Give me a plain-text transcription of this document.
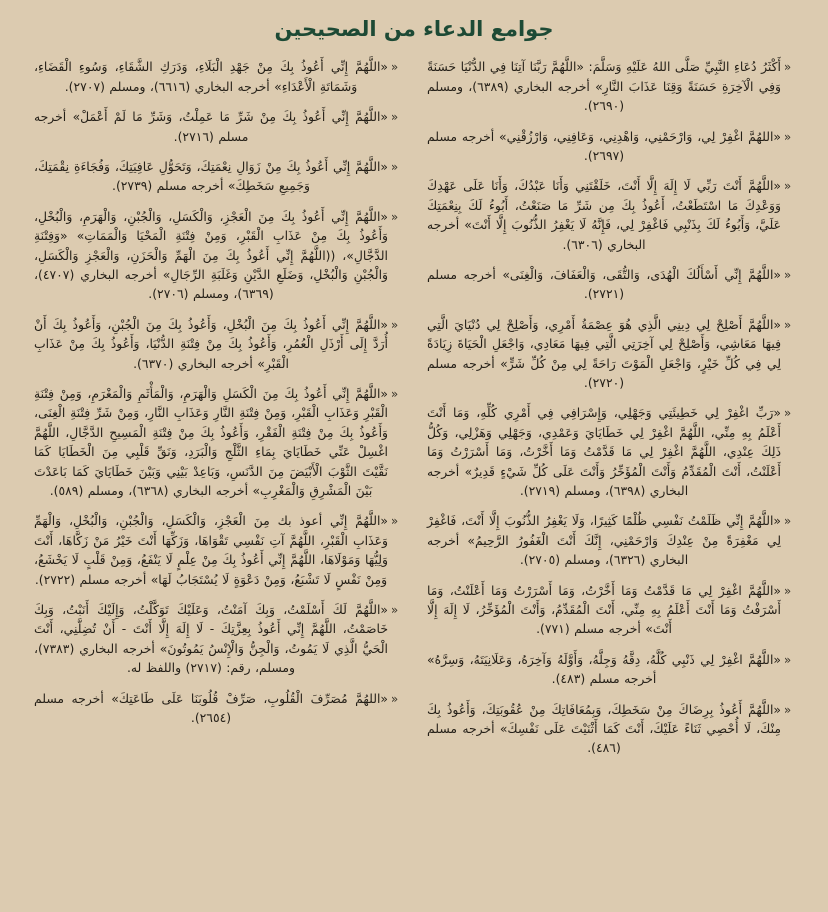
جوامع الدعاء من الصحيحين
«
أَكْثَرُ دُعَاءِ النَّبِيِّ صَلَّى اللهُ عَلَيْهِ وَسَلَّمَ: «اللَّهُمَّ رَبَّنَا آتِنَا فِي الدُّنْيَا حَسَنَةً وَفِي الْآخِرَةِ حَسَنَةً وَقِنَا عَذَابَ النَّارِ» أخرجه البخاري (٦٣٨٩)، ومسلم (٢٦٩٠).
«
«اللهُمَّ اغْفِرْ لِي، وَارْحَمْنِي، وَاهْدِنِي، وَعَافِنِي، وَارْزُقْنِي» أخرجه مسلم (٢٦٩٧).
«
«اللَّهُمَّ أَنْتَ رَبِّي لَا إِلَهَ إِلَّا أَنْتَ، خَلَقْتَنِي وَأَنَا عَبْدُكَ، وَأَنَا عَلَى عَهْدِكَ وَوَعْدِكَ مَا اسْتَطَعْتُ، أَعُوذُ بِكَ مِن شَرِّ مَا صَنَعْتُ، أَبُوءُ لَكَ بِنِعْمَتِكَ عَلَيَّ، وَأَبُوءُ لَكَ بِذَنْبِي فَاغْفِرْ لِي، فَإِنَّهُ لَا يَغْفِرُ الذُّنُوبَ إِلَّا أَنْتَ» أخرجه البخاري (٦٣٠٦).
«
«اللَّهُمَّ إِنِّي أَسْأَلُكَ الْهُدَى، وَالتُّقَى، وَالْعَفَافَ، وَالْغِنَى» أخرجه مسلم (٢٧٢١).
«
«اللَّهُمَّ أَصْلِحْ لِي دِينِي الَّذِي هُوَ عِصْمَةُ أَمْرِي، وَأَصْلِحْ لِي دُنْيَايَ الَّتِي فِيهَا مَعَاشِي، وَأَصْلِحْ لِي آخِرَتِي الَّتِي فِيهَا مَعَادِي، وَاجْعَلِ الْحَيَاةَ زِيَادَةً لِي فِي كُلِّ خَيْرٍ، وَاجْعَلِ الْمَوْتَ رَاحَةً لِي مِنْ كُلِّ شَرٍّ» أخرجه مسلم (٢٧٢٠).
«
«رَبِّ اغْفِرْ لِي خَطِيئَتِي وَجَهْلِي، وَإِسْرَافِي فِي أَمْرِي كُلِّهِ، وَمَا أَنْتَ أَعْلَمُ بِهِ مِنِّي، اللَّهُمَّ اغْفِرْ لِي خَطَايَايَ وَعَمْدِي، وَجَهْلِي وَهَزْلِي، وَكُلُّ ذَلِكَ عِنْدِي، اللَّهُمَّ اغْفِرْ لِي مَا قَدَّمْتُ وَمَا أَخَّرْتُ، وَمَا أَسْرَرْتُ وَمَا أَعْلَنْتُ، أَنْتَ الْمُقَدِّمُ وَأَنْتَ الْمُؤَخِّرُ وَأَنْتَ عَلَى كُلِّ شَيْءٍ قَدِيرٌ» أخرجه البخاري (٦٣٩٨)، ومسلم (٢٧١٩).
«
«اللَّهُمَّ إِنِّي ظَلَمْتُ نَفْسِي ظُلْمًا كَثِيرًا، وَلَا يَغْفِرُ الذُّنُوبَ إِلَّا أَنْتَ، فَاغْفِرْ لِي مَغْفِرَةً مِنْ عِنْدِكَ وَارْحَمْنِي، إِنَّكَ أَنْتَ الْغَفُورُ الرَّحِيمُ» أخرجه البخاري (٦٣٢٦)، ومسلم (٢٧٠٥).
«
«اللَّهُمَّ اغْفِرْ لِي مَا قَدَّمْتُ وَمَا أَخَّرْتُ، وَمَا أَسْرَرْتُ وَمَا أَعْلَنْتُ، وَمَا أَسْرَفْتُ وَمَا أَنْتَ أَعْلَمُ بِهِ مِنِّي، أَنْتَ الْمُقَدِّمُ، وَأَنْتَ الْمُؤَخِّرُ، لَا إِلَهَ إِلَّا أَنْتَ» أخرجه مسلم (٧٧١).
«
«اللَّهُمَّ اغْفِرْ لِي ذَنْبِي كُلَّهُ، دِقَّهُ وَجِلَّهُ، وَأَوَّلَهُ وَآخِرَهُ، وَعَلَانِيَتَهُ، وَسِرَّهُ» أخرجه مسلم (٤٨٣).
«
«اللَّهُمَّ أَعُوذُ بِرِضَاكَ مِنْ سَخَطِكَ، وَبِمُعَافَاتِكَ مِنْ عُقُوبَتِكَ، وَأَعُوذُ بِكَ مِنْكَ، لَا أُحْصِي ثَنَاءً عَلَيْكَ، أَنْتَ كَمَا أَثْنَيْتَ عَلَى نَفْسِكَ» أخرجه مسلم (٤٨٦).
«
«اللَّهُمَّ إِنِّي أَعُوذُ بِكَ مِنْ جَهْدِ الْبَلَاءِ، وَدَرَكِ الشَّقَاءِ، وَسُوءِ الْقَضَاءِ، وَشَمَاتَةِ الْأَعْدَاءِ» أخرجه البخاري (٦٦١٦)، ومسلم (٢٧٠٧).
«
«اللَّهُمَّ إِنِّي أَعُوذُ بِكَ مِنْ شَرِّ مَا عَمِلْتُ، وَشَرِّ مَا لَمْ أَعْمَلْ» أخرجه مسلم (٢٧١٦).
«
«اللَّهُمَّ إِنِّي أَعُوذُ بِكَ مِنْ زَوَالِ نِعْمَتِكَ، وَتَحَوُّلِ عَافِيَتِكَ، وَفُجَاءَةِ نِقْمَتِكَ، وَجَمِيعِ سَخَطِكَ» أخرجه مسلم (٢٧٣٩).
«
«اللَّهُمَّ إِنِّي أَعُوذُ بِكَ مِنَ الْعَجْزِ، وَالْكَسَلِ، وَالْجُبْنِ، وَالْهَرَمِ، وَالْبُخْلِ، وَأَعُوذُ بِكَ مِنْ عَذَابِ الْقَبْرِ، وَمِنْ فِتْنَةِ الْمَحْيَا وَالْمَمَاتِ» «وَفِتْنَةِ الدَّجَّالِ»، ((اللَّهُمَّ إِنِّي أَعُوذُ بِكَ مِنَ الْهَمِّ وَالْحَزَنِ، وَالْعَجْزِ وَالْكَسَلِ، وَالْجُبْنِ وَالْبُخْلِ، وَضَلَعِ الدَّيْنِ وَغَلَبَةِ الرِّجَالِ» أخرجه البخاري (٤٧٠٧)، (٦٣٦٩)، ومسلم (٢٧٠٦).
«
«اللَّهُمَّ إِنِّي أَعُوذُ بِكَ مِنَ الْبُخْلِ، وَأَعُوذُ بِكَ مِنَ الْجُبْنِ، وَأَعُوذُ بِكَ أَنْ أُرَدَّ إِلَى أَرْذَلِ الْعُمُرِ، وَأَعُوذُ بِكَ مِنْ فِتْنَةِ الدُّنْيَا، وَأَعُوذُ بِكَ مِنْ عَذَابِ الْقَبْرِ» أخرجه البخاري (٦٣٧٠).
«
«اللَّهُمَّ إِنِّي أَعُوذُ بِكَ مِنَ الْكَسَلِ وَالْهَرَمِ، وَالْمَأْثَمِ وَالْمَغْرَمِ، وَمِنْ فِتْنَةِ الْقَبْرِ وَعَذَابِ الْقَبْرِ، وَمِنْ فِتْنَةِ النَّارِ وَعَذَابِ النَّارِ، وَمِنْ شَرِّ فِتْنَةِ الْغِنَى، وَأَعُوذُ بِكَ مِنْ فِتْنَةِ الْفَقْرِ، وَأَعُوذُ بِكَ مِنْ فِتْنَةِ الْمَسِيحِ الدَّجَّالِ، اللَّهُمَّ اغْسِلْ عَنِّي خَطَايَايَ بِمَاءِ الثَّلْجِ وَالْبَرَدِ، وَنَقِّ قَلْبِي مِنَ الْخَطَايَا كَمَا نَقَّيْتَ الثَّوْبَ الْأَبْيَضَ مِنَ الدَّنَسِ، وَبَاعِدْ بَيْنِي وَبَيْنَ خَطَايَايَ كَمَا بَاعَدْتَ بَيْنَ الْمَشْرِقِ وَالْمَغْرِبِ» أخرجه البخاري (٦٣٦٨)، ومسلم (٥٨٩).
«
«اللَّهُمَّ إِنِّي أعوذ بك مِنَ الْعَجْزِ، وَالْكَسَلِ، وَالْجُبْنِ، وَالْبُخْلِ، وَالْهَمِّ وَعَذَابِ الْقَبْرِ، اللَّهُمَّ آتِ نَفْسِي تَقْوَاهَا، وَزَكِّهَا أَنْتَ خَيْرُ مَنْ زَكَّاهَا، أَنْتَ وَلِيُّهَا وَمَوْلَاهَا، اللَّهُمَّ إِنِّي أَعُوذُ بِكَ مِنْ عِلْمٍ لَا يَنْفَعُ، وَمِنْ قَلْبٍ لَا يَخْشَعُ، وَمِنْ نَفْسٍ لَا تَشْبَعُ، وَمِنْ دَعْوَةٍ لَا يُسْتَجَابُ لَهَا» أخرجه مسلم (٢٧٢٢).
«
«اللَّهُمَّ لَكَ أَسْلَمْتُ، وَبِكَ آمَنْتُ، وَعَلَيْكَ تَوَكَّلْتُ، وَإِلَيْكَ أَنَبْتُ، وَبِكَ خَاصَمْتُ، اللَّهُمَّ إِنِّي أَعُوذُ بِعِزَّتِكَ - لَا إِلَهَ إِلَّا أَنْتَ - أَنْ تُضِلَّنِي، أَنْتَ الْحَيُّ الَّذِي لَا يَمُوتُ، وَالْجِنُّ وَالْإِنْسُ يَمُوتُونَ» أخرجه البخاري (٧٣٨٣)، ومسلم، رقم: (٢٧١٧) واللفظ له.
«
«اللهُمَّ مُصَرِّفَ الْقُلُوبِ، صَرِّفْ قُلُوبَنَا عَلَى طَاعَتِكَ» أخرجه مسلم (٢٦٥٤).
